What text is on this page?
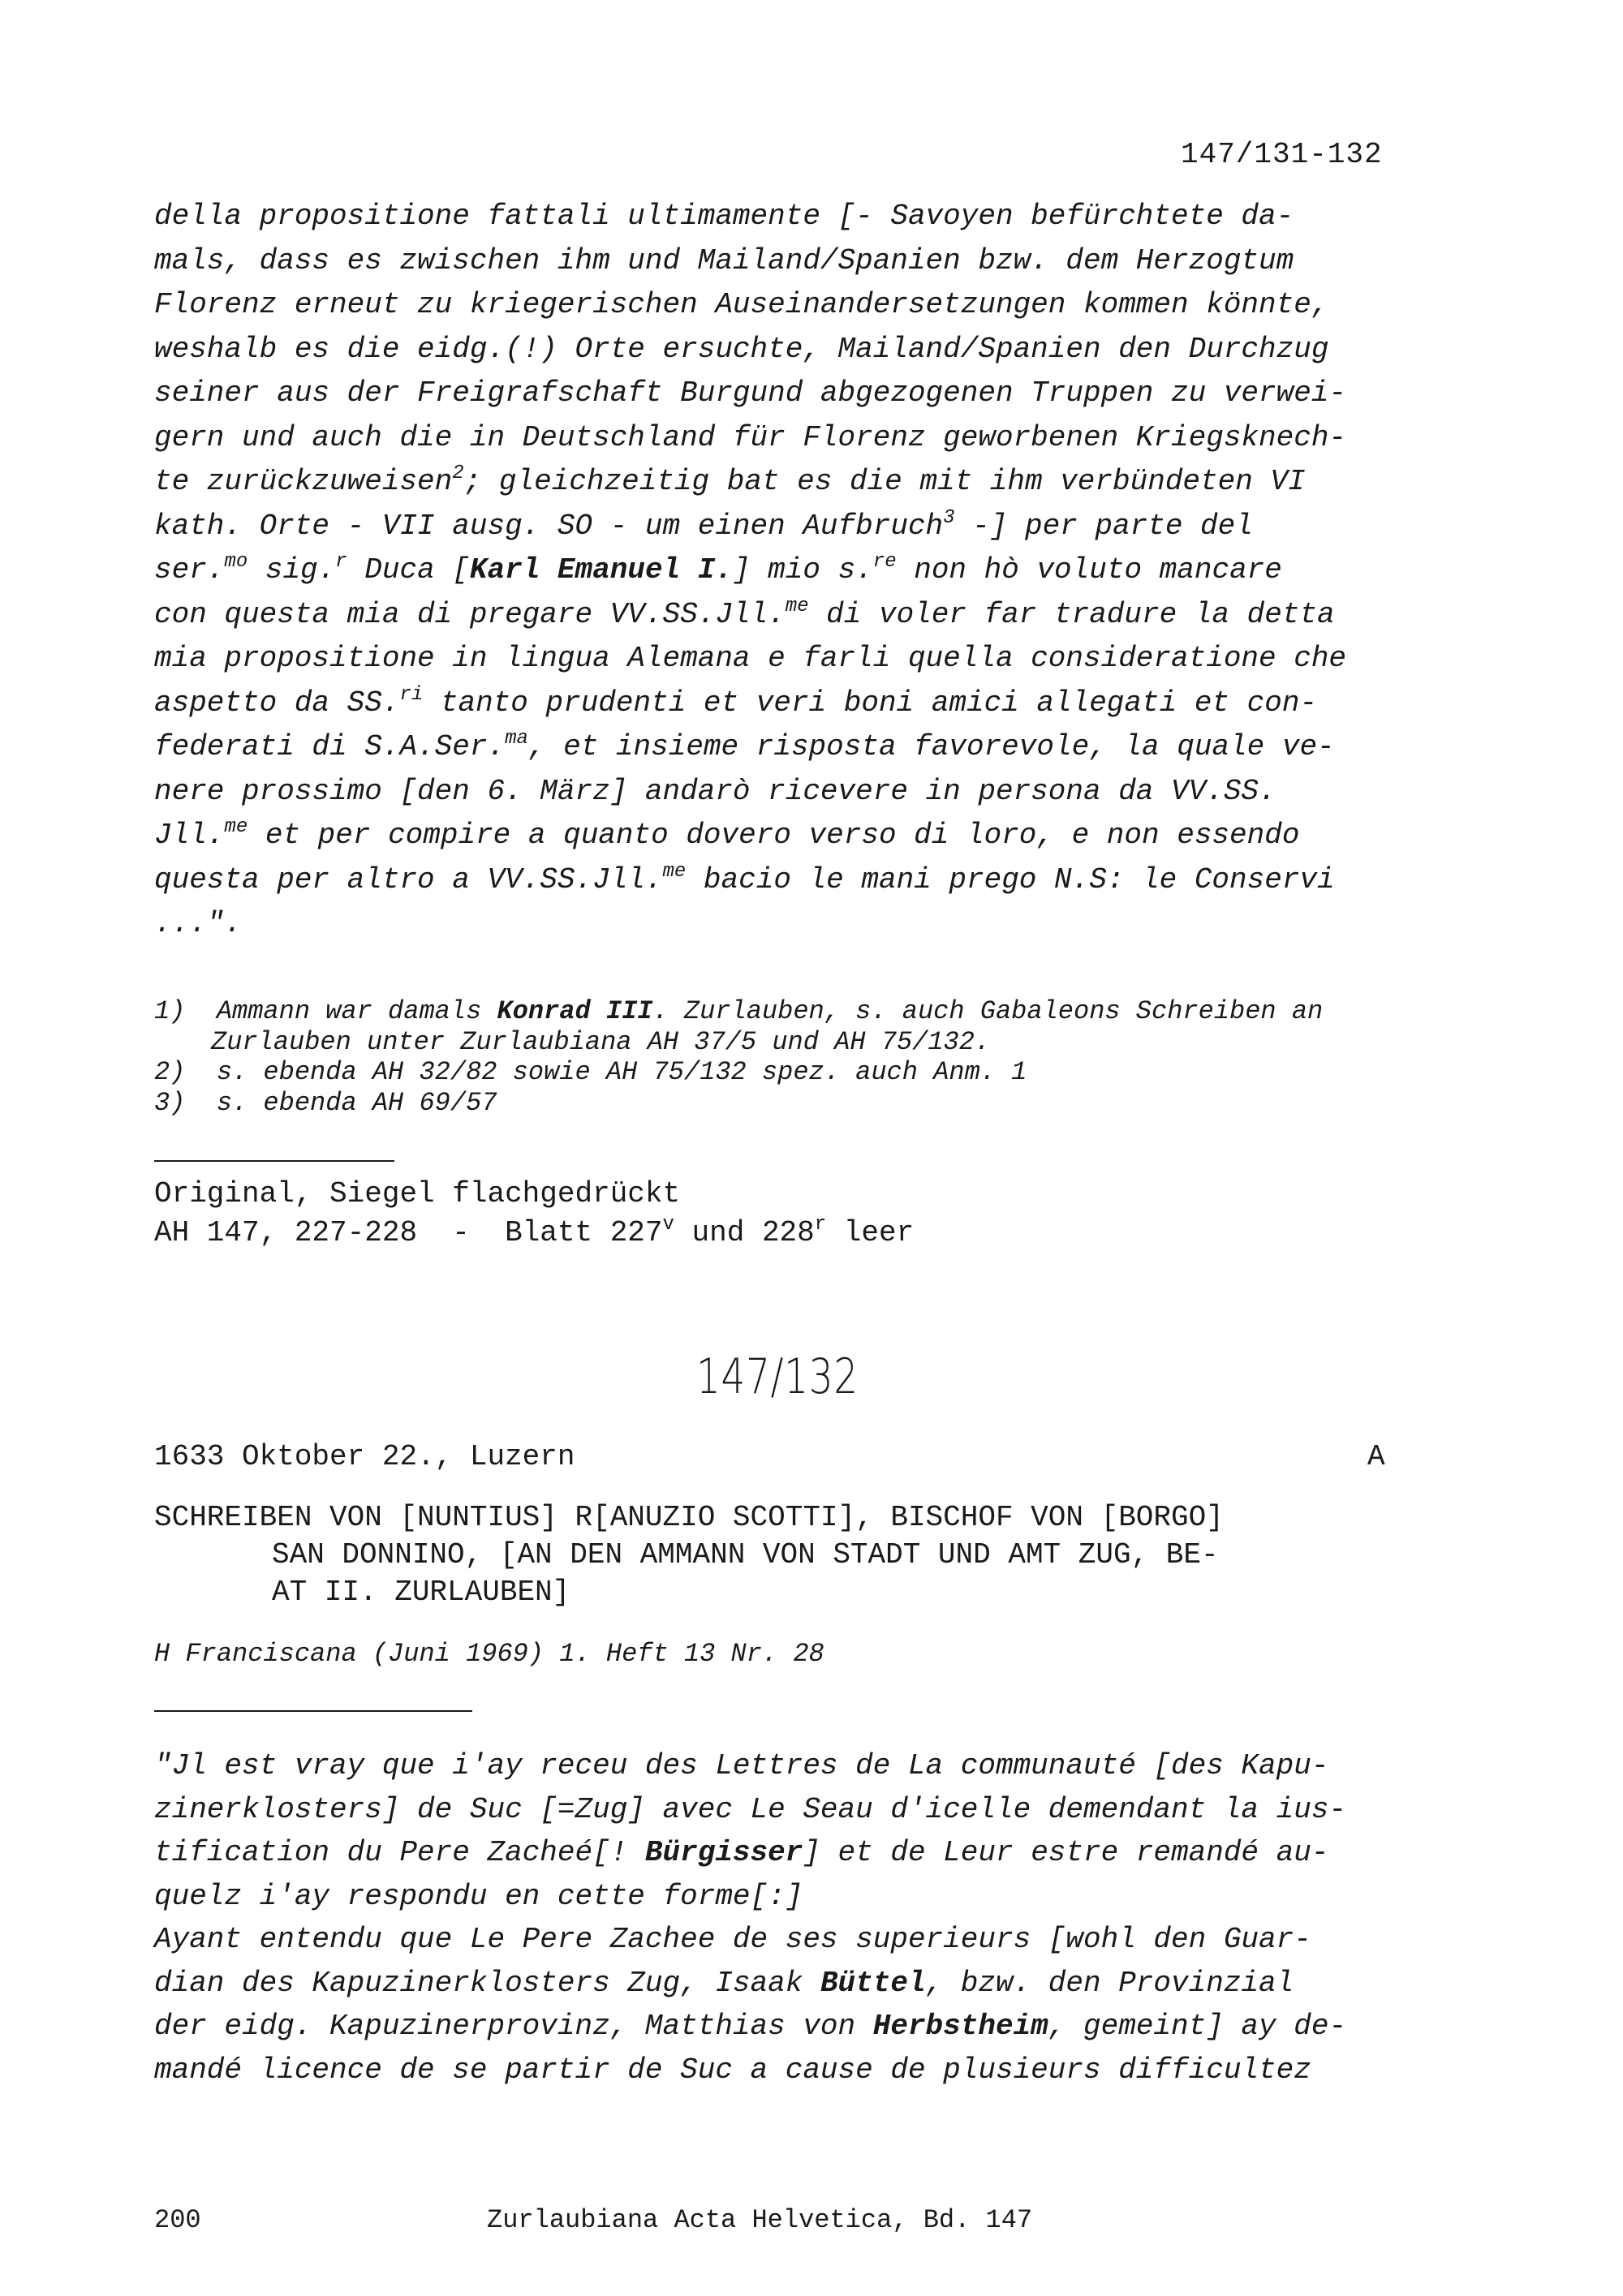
147/131-132
della propositione fattali ultimamente [- Savoyen befürchtete da-
mals, dass es zwischen ihm und Mailand/Spanien bzw. dem Herzogtum
Florenz erneut zu kriegerischen Auseinandersetzungen kommen könnte,
weshalb es die eidg.(!) Orte ersuchte, Mailand/Spanien den Durchzug
seiner aus der Freigrafschaft Burgund abgezogenen Truppen zu verwei-
gern und auch die in Deutschland für Florenz geworbenen Kriegsknech-
te zurückzuweisen$^2$; gleichzeitig bat es die mit ihm verbündeten VI
kath. Orte - VII ausg. SO - um einen Aufbruch$^3$ -] per parte del
ser.$^{mo}$ sig.$^r$ Duca [Karl Emanuel I.] mio s.$^{re}$ non hò voluto mancare
con questa mia di pregare VV.SS.Jll.$^{me}$ di voler far tradure la detta
mia propositione in lingua Alemana e farli quella consideratione che
aspetto da SS.$^{ri}$ tanto prudenti et veri boni amici allegati et con-
federati di S.A.Ser.$^{ma}$, et insieme risposta favorevole, la quale ve-
nere prossimo [den 6. März] andarò ricevere in persona da VV.SS.
Jll.$^{me}$ et per compire a quanto dovero verso di loro, e non essendo
questa per altro a VV.SS.Jll.$^{me}$ bacio le mani prego N.S: le Conservi
...".
1)  Ammann war damals Konrad III. Zurlauben, s. auch Gabaleons Schreiben an
Zurlauben unter Zurlaubiana AH 37/5 und AH 75/132.
2)  s. ebenda AH 32/82 sowie AH 75/132 spez. auch Anm. 1
3)  s. ebenda AH 69/57
Original, Siegel flachgedrückt
AH 147, 227-228  -  Blatt 227$^v$ und 228$^r$ leer
147/132
1633 Oktober 22., Luzern	A
SCHREIBEN VON [NUNTIUS] R[ANUZIO SCOTTI], BISCHOF VON [BORGO]
SAN DONNINO, [AN DEN AMMANN VON STADT UND AMT ZUG, BE-
AT II. ZURLAUBEN]
H Franciscana (Juni 1969) 1. Heft 13 Nr. 28
"Jl est vray que i'ay receu des Lettres de La communauté [des Kapu-
zinerklosters] de Suc [=Zug] avec Le Seau d'icelle demendant la ius-
tification du Pere Zacheé[! Bürgisser] et de Leur estre remandé au-
quelz i'ay respondu en cette forme[:]
Ayant entendu que Le Pere Zachee de ses superieurs [wohl den Guar-
dian des Kapuzinerklosters Zug, Isaak Büttel, bzw. den Provinzial
der eidg. Kapuzinerprovinz, Matthias von Herbstheim, gemeint] ay de-
mandé licence de se partir de Suc a cause de plusieurs difficultez
200	Zurlaubiana Acta Helvetica, Bd. 147
